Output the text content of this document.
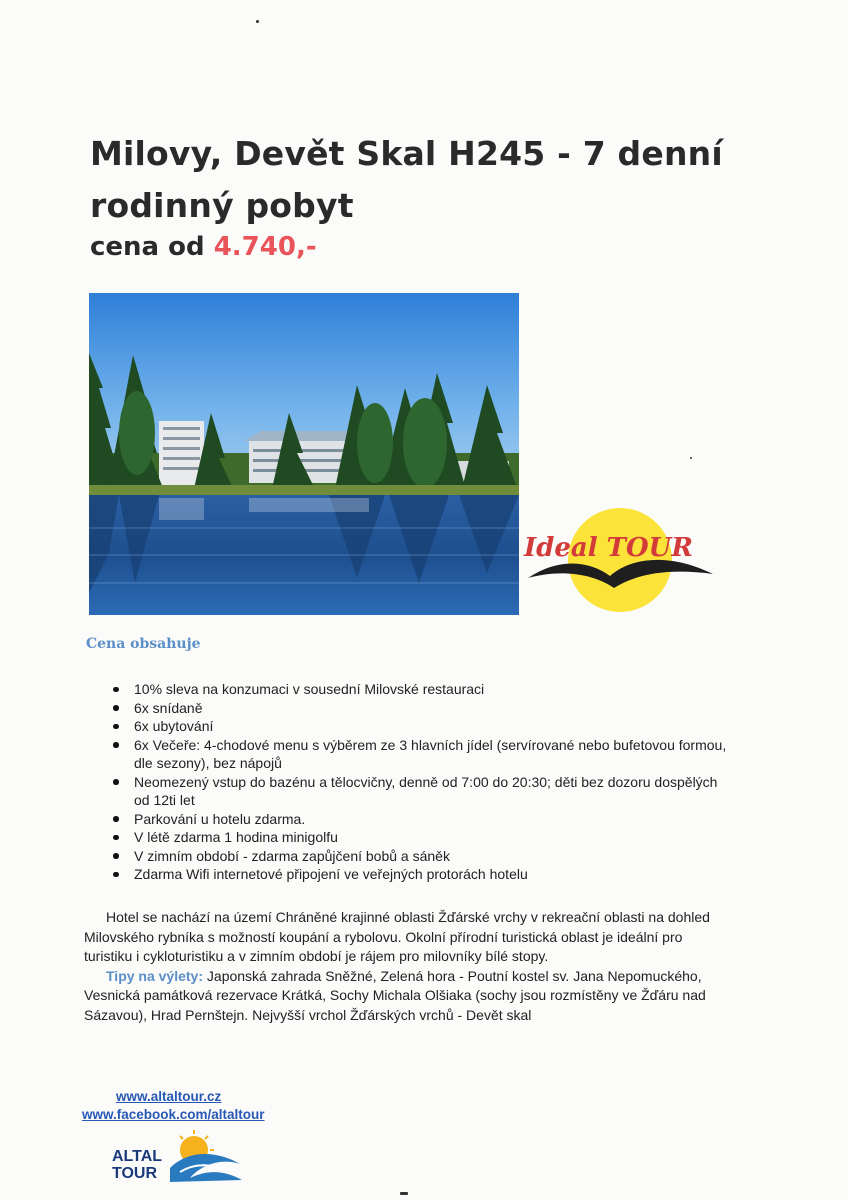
Milovy, Devět Skal H245 - 7 denní rodinný pobyt
cena od 4.740,-
Ideal TOUR
Cena obsahuje
10% sleva na konzumaci v sousední Milovské restauraci
6x snídaně
6x ubytování
6x Večeře: 4-chodové menu s výběrem ze 3 hlavních jídel (servírované nebo bufetovou formou, dle sezony), bez nápojů
Neomezený vstup do bazénu a tělocvičny, denně od 7:00 do 20:30; děti bez dozoru dospělých od 12ti let
Parkování u hotelu zdarma.
V létě zdarma 1 hodina minigolfu
V zimním období - zdarma zapůjčení bobů a sáněk
Zdarma Wifi internetové připojení ve veřejných protorách hotelu

Hotel se nachází na území Chráněné krajinné oblasti Žďárské vrchy v rekreační oblasti na dohled Milovského rybníka s možností koupání a rybolovu. Okolní přírodní turistická oblast je ideální pro turistiku i cykloturistiku a v zimním období je rájem pro milovníky bílé stopy.
Tipy na výlety: Japonská zahrada Sněžné, Zelená hora - Poutní kostel sv. Jana Nepomuckého, Vesnická památková rezervace Krátká, Sochy Michala Olšiaka (sochy jsou rozmístěny ve Žďáru nad Sázavou), Hrad Pernštejn. Nejvyšší vrchol Žďárských vrchů - Devět skal

www.altaltour.cz
www.facebook.com/altaltour
ALTAL
TOUR
